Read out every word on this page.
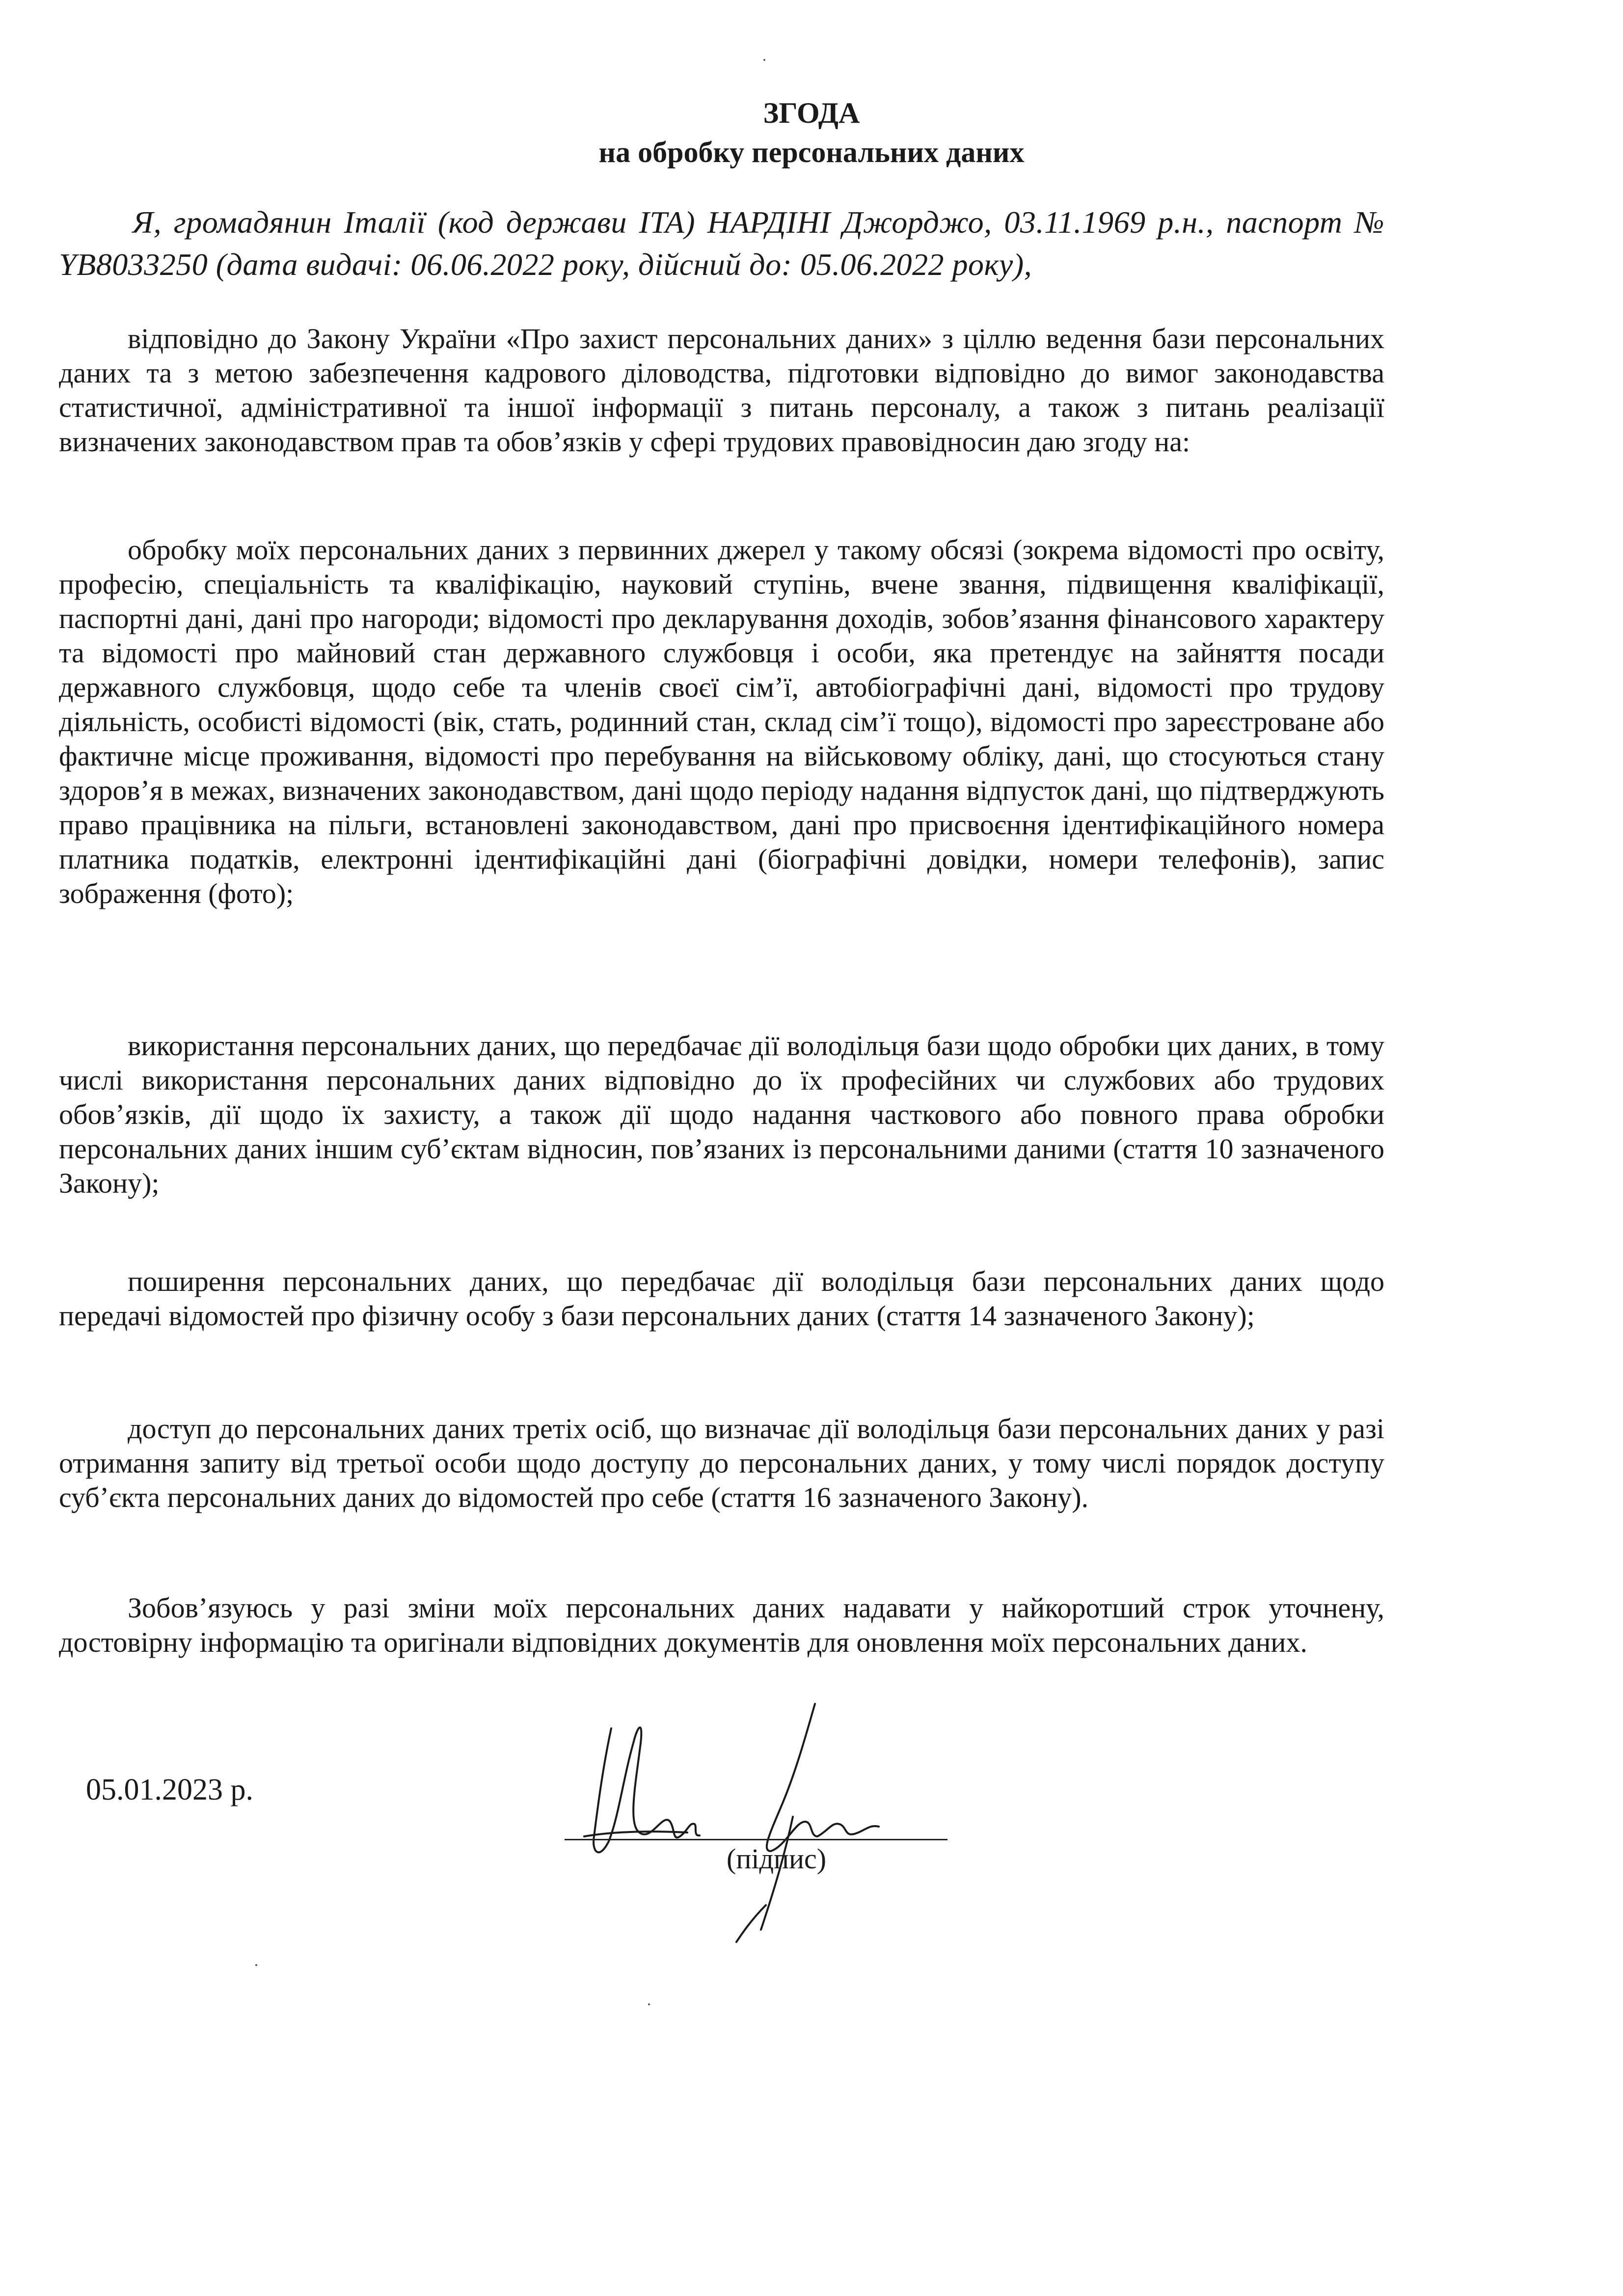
ЗГОДА
на обробку персональних даних
Я, громадянин Італії (код держави ITA) НАРДІНІ Джорджо, 03.11.1969 р.н., паспорт № YB8033250 (дата видачі: 06.06.2022 року, дійсний до: 05.06.2022 року),
відповідно до Закону України «Про захист персональних даних» з ціллю ведення бази персональних даних та з метою забезпечення кадрового діловодства, підготовки відповідно до вимог законодавства статистичної, адміністративної та іншої інформації з питань персоналу, а також з питань реалізації визначених законодавством прав та обов’язків у сфері трудових правовідносин даю згоду на:
обробку моїх персональних даних з первинних джерел у такому обсязі (зокрема відомості про освіту, професію, спеціальність та кваліфікацію, науковий ступінь, вчене звання, підвищення кваліфікації, паспортні дані, дані про нагороди; відомості про декларування доходів, зобов’язання фінансового характеру та відомості про майновий стан державного службовця і особи, яка претендує на зайняття посади державного службовця, щодо себе та членів своєї сім’ї, автобіографічні дані, відомості про трудову діяльність, особисті відомості (вік, стать, родинний стан, склад сім’ї тощо), відомості про зареєстроване або фактичне місце проживання, відомості про перебування на військовому обліку, дані, що стосуються стану здоров’я в межах, визначених законодавством, дані щодо періоду надання відпусток дані, що підтверджують право працівника на пільги, встановлені законодавством, дані про присвоєння ідентифікаційного номера платника податків, електронні ідентифікаційні дані (біографічні довідки, номери телефонів), запис зображення (фото);
використання персональних даних, що передбачає дії володільця бази щодо обробки цих даних, в тому числі використання персональних даних відповідно до їх професійних чи службових або трудових обов’язків, дії щодо їх захисту, а також дії щодо надання часткового або повного права обробки персональних даних іншим суб’єктам відносин, пов’язаних із персональними даними (стаття 10 зазначеного Закону);
поширення персональних даних, що передбачає дії володільця бази персональних даних щодо передачі відомостей про фізичну особу з бази персональних даних (стаття 14 зазначеного Закону);
доступ до персональних даних третіх осіб, що визначає дії володільця бази персональних даних у разі отримання запиту від третьої особи щодо доступу до персональних даних, у тому числі порядок доступу суб’єкта персональних даних до відомостей про себе (стаття 16 зазначеного Закону).
Зобов’язуюсь у разі зміни моїх персональних даних надавати у найкоротший строк уточнену, достовірну інформацію та оригінали відповідних документів для оновлення моїх персональних даних.
05.01.2023 р.
(підпис)
